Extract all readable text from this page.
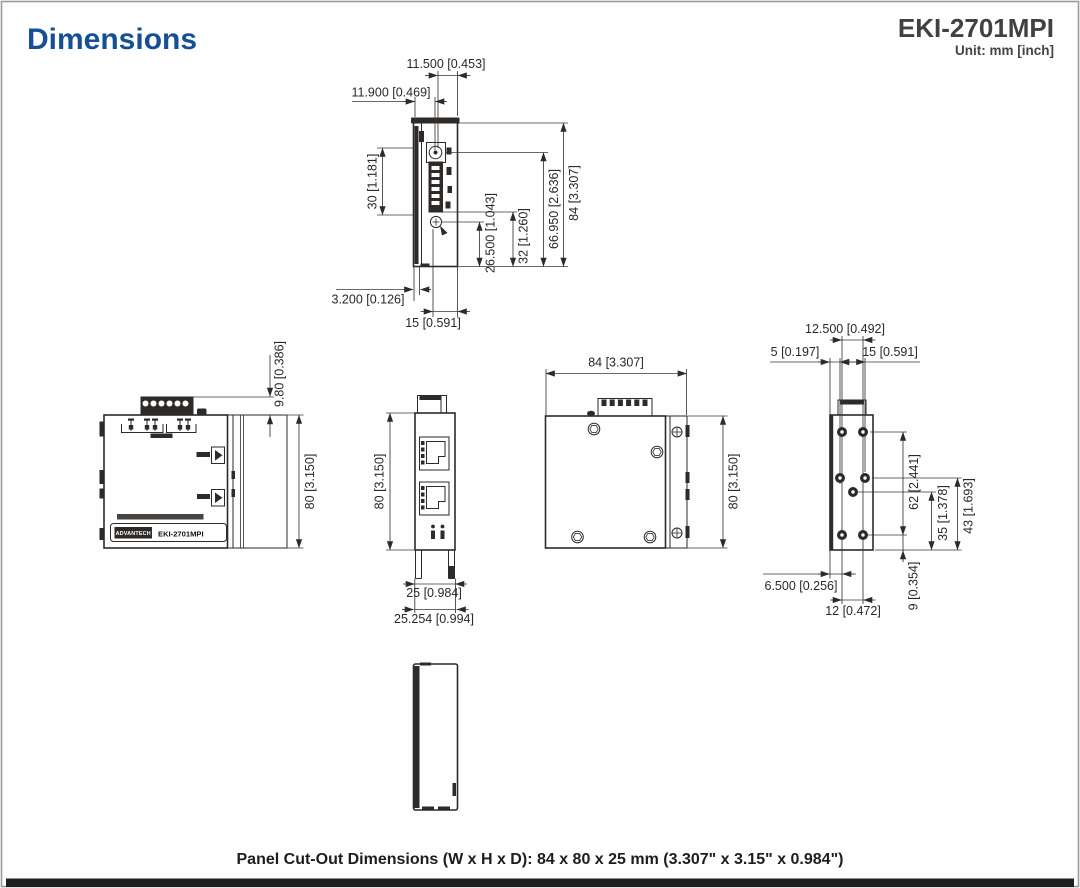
Dimensions	EKI-2701MPI
Unit: mm [inch]
Panel Cut-Out Dimensions (W x H x D): 84 x 80 x 25 mm (3.307" x 3.15" x 0.984")
11.500 [0.453]
11.900 [0.469]
30 [1.181]
26.500 [1.043] 32 [1.260] 66.950 [2.636] 84 [3.307]
3.200 [0.126]
15 [0.591]
ADVANTECH EKI-2701MPI
9.80 [0.386]
80 [3.150]	80 [3.150]
25 [0.984]
25.254 [0.994]
84 [3.307]
80 [3.150]
12.500 [0.492]
5 [0.197]	15 [0.591]
62 [2.441]
9 [0.354]
35 [1.378] 43 [1.693]
6.500 [0.256]
12 [0.472]
